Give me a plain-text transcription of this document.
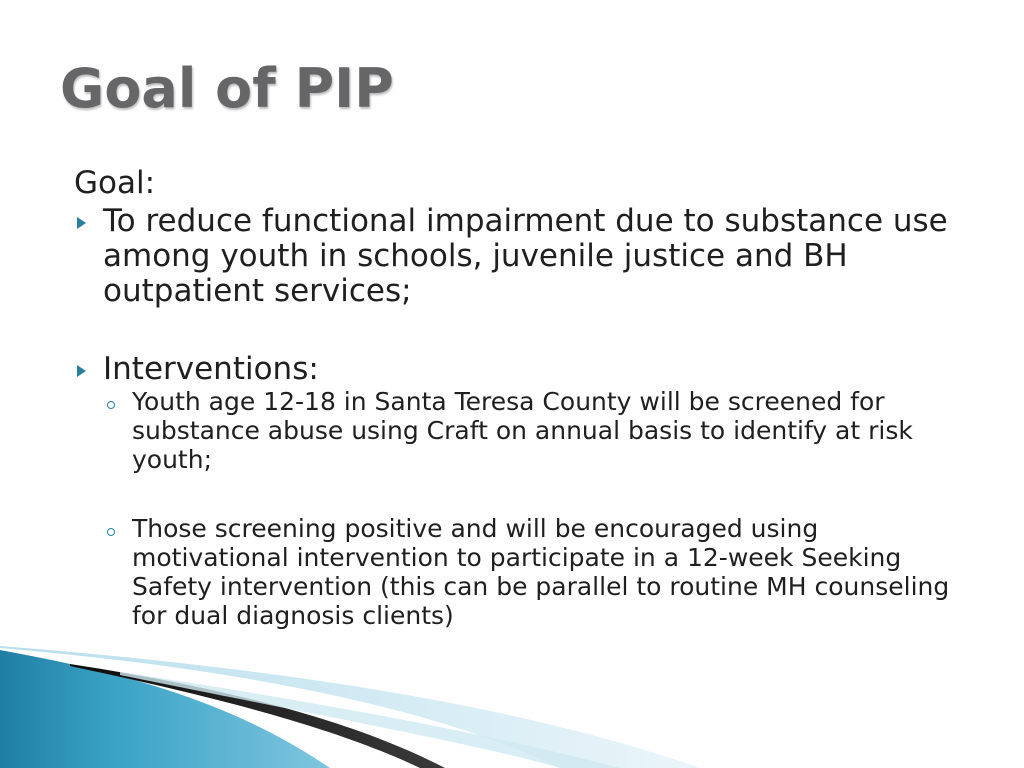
Goal of PIP
Goal:
To reduce functional impairment due to substance use among youth in schools, juvenile justice and BH outpatient services;
Interventions:
Youth age 12-18 in Santa Teresa County will be screened for substance abuse using Craft on annual basis to identify at risk youth;
Those screening positive and will be encouraged using motivational intervention to participate in a 12-week Seeking Safety intervention (this can be parallel to routine MH counseling for dual diagnosis clients)
